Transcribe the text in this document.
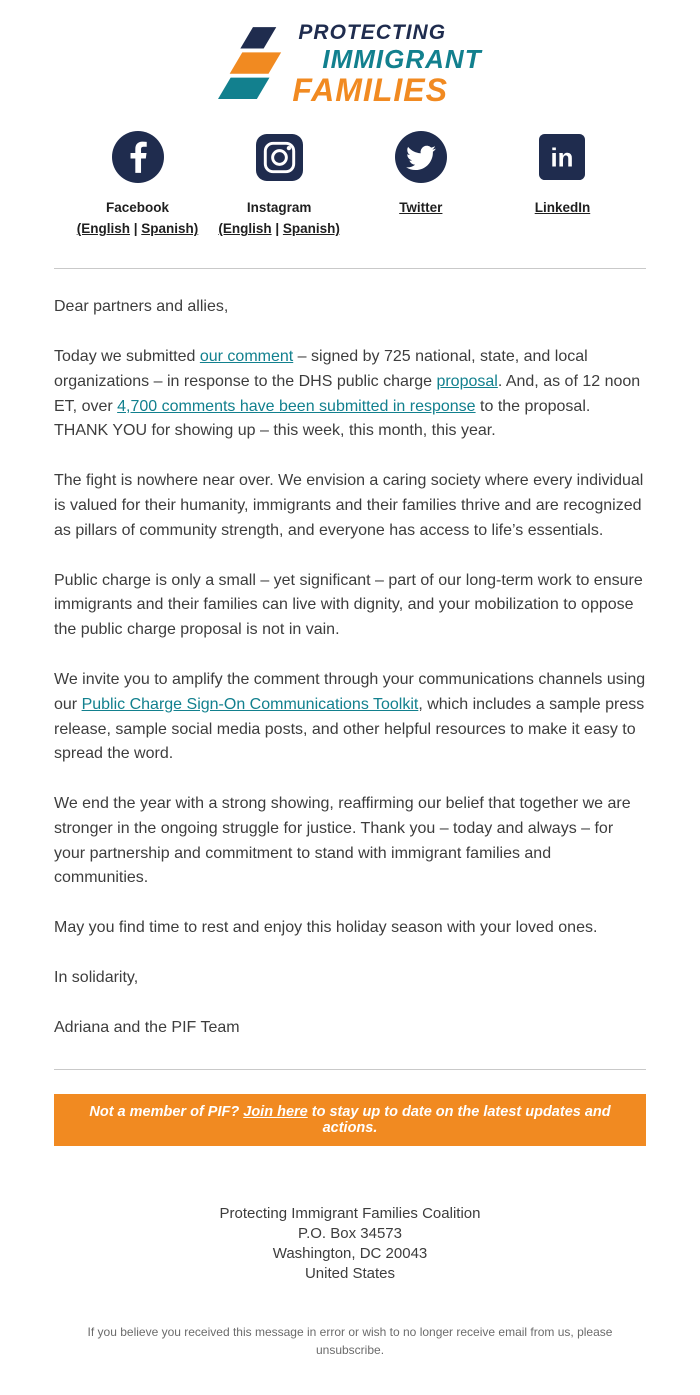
PROTECTING
IMMIGRANT
FAMILIES
Facebook
(English | Spanish)
Instagram
(English | Spanish)
Twitter
in
LinkedIn

Dear partners and allies,

Today we submitted our comment – signed by 725 national, state, and local organizations – in response to the DHS public charge proposal. And, as of 12 noon ET, over 4,700 comments have been submitted in response to the proposal. THANK YOU for showing up – this week, this month, this year.

The fight is nowhere near over. We envision a caring society where every individual is valued for their humanity, immigrants and their families thrive and are recognized as pillars of community strength, and everyone has access to life’s essentials.

Public charge is only a small – yet significant – part of our long-term work to ensure immigrants and their families can live with dignity, and your mobilization to oppose the public charge proposal is not in vain.

We invite you to amplify the comment through your communications channels using our Public Charge Sign-On Communications Toolkit, which includes a sample press release, sample social media posts, and other helpful resources to make it easy to spread the word.

We end the year with a strong showing, reaffirming our belief that together we are stronger in the ongoing struggle for justice. Thank you – today and always – for your partnership and commitment to stand with immigrant families and communities.

May you find time to rest and enjoy this holiday season with your loved ones.

In solidarity,

Adriana and the PIF Team

Not a member of PIF? Join here to stay up to date on the latest updates and actions.
Protecting Immigrant Families Coalition
P.O. Box 34573
Washington, DC 20043
United States
If you believe you received this message in error or wish to no longer receive email from us, please unsubscribe.
